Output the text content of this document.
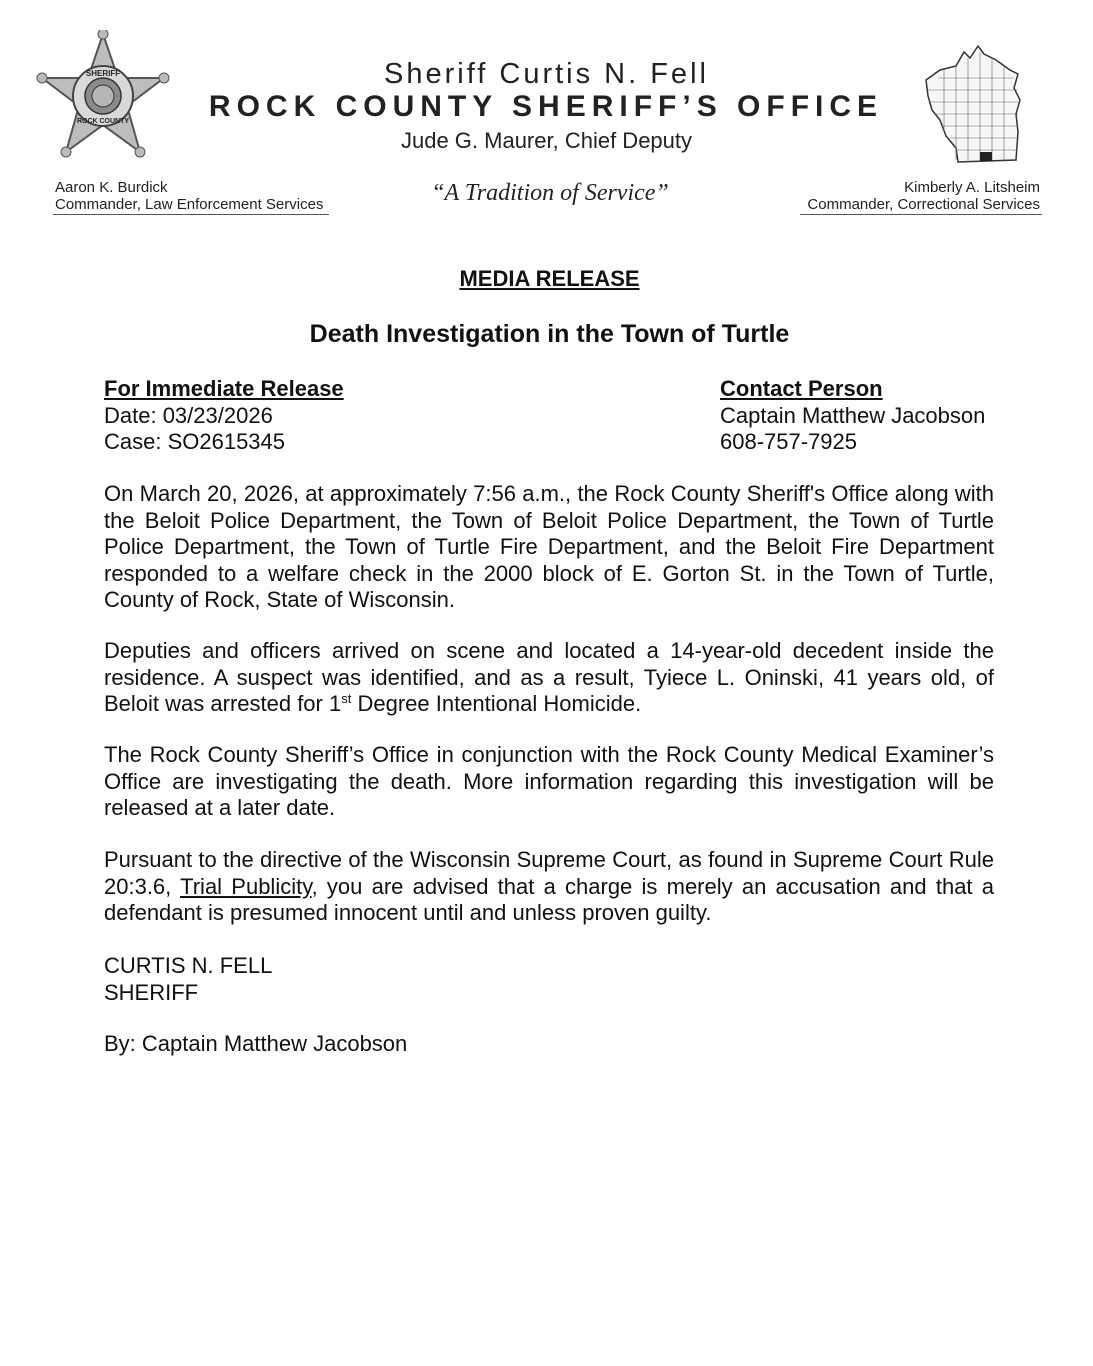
SHERIFF
ROCK COUNTY
Sheriff Curtis N. Fell
ROCK COUNTY SHERIFF’S OFFICE
Jude G. Maurer, Chief Deputy
Aaron K. Burdick
Commander, Law Enforcement Services	“A Tradition of Service”	Kimberly A. Litsheim
Commander, Correctional Services
MEDIA RELEASE
Death Investigation in the Town of Turtle
For Immediate Release
Date: 03/23/2026
Case: SO2615345
Contact Person
Captain Matthew Jacobson
608-757-7925

On March 20, 2026, at approximately 7:56 a.m., the Rock County Sheriff's Office along with the Beloit Police Department, the Town of Beloit Police Department, the Town of Turtle Police Department, the Town of Turtle Fire Department, and the Beloit Fire Department responded to a welfare check in the 2000 block of E. Gorton St. in the Town of Turtle, County of Rock, State of Wisconsin.

Deputies and officers arrived on scene and located a 14-year-old decedent inside the residence. A suspect was identified, and as a result, Tyiece L. Oninski, 41 years old, of Beloit was arrested for 1st Degree Intentional Homicide.

The Rock County Sheriff’s Office in conjunction with the Rock County Medical Examiner’s Office are investigating the death. More information regarding this investigation will be released at a later date.

Pursuant to the directive of the Wisconsin Supreme Court, as found in Supreme Court Rule 20:3.6, Trial Publicity, you are advised that a charge is merely an accusation and that a defendant is presumed innocent until and unless proven guilty.

CURTIS N. FELL
SHERIFF
By: Captain Matthew Jacobson
